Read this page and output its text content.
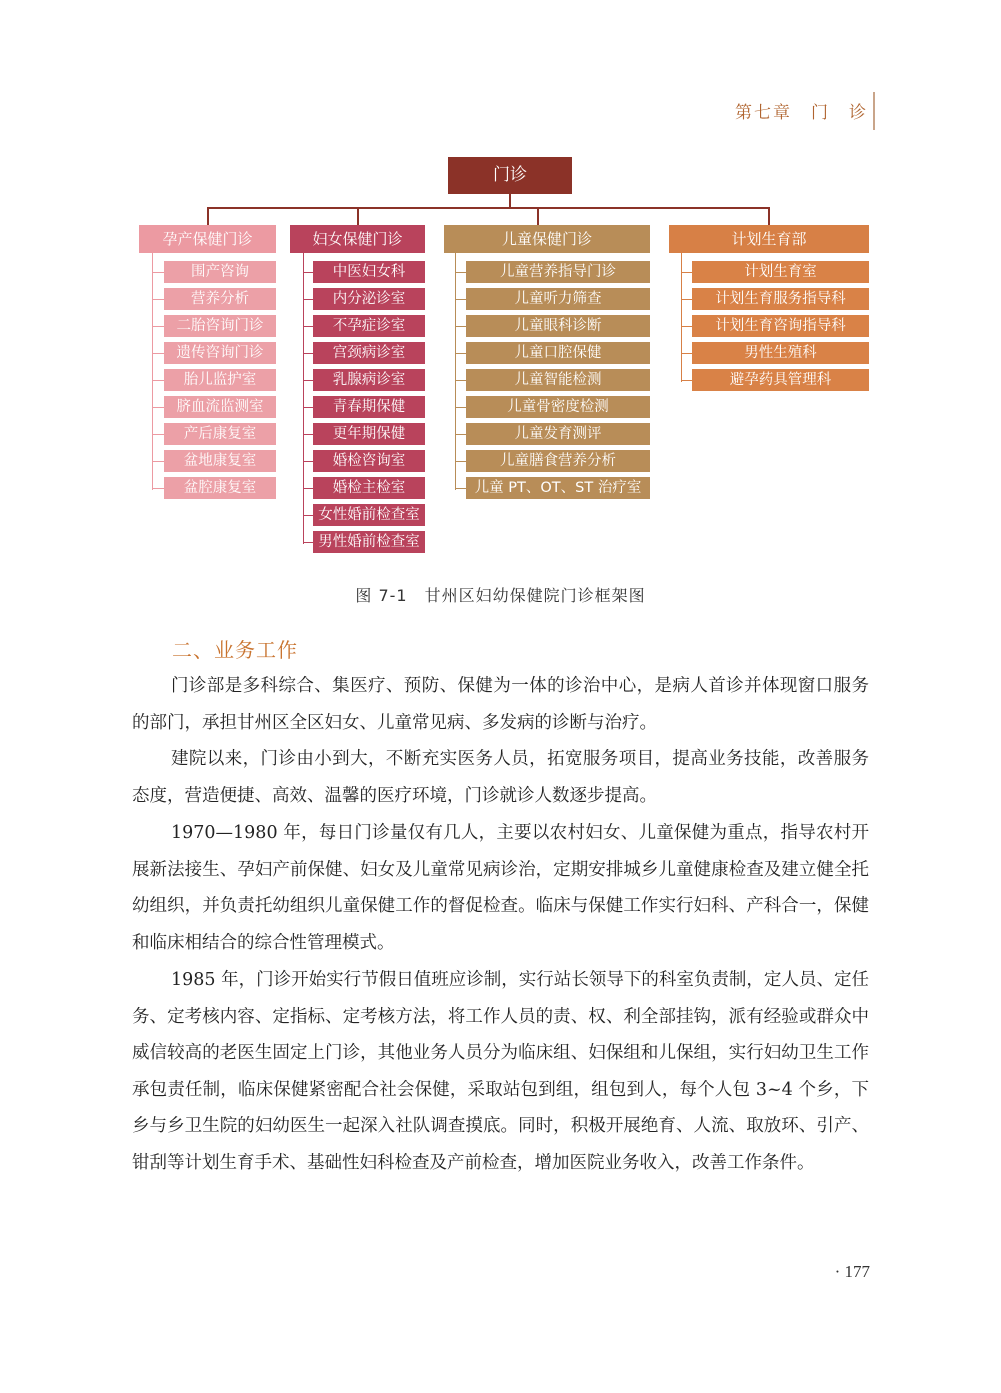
第七章　门　诊
门诊
孕产保健门诊
围产咨询
营养分析
二胎咨询门诊
遗传咨询门诊
胎儿监护室
脐血流监测室
产后康复室
盆地康复室
盆腔康复室
妇女保健门诊
中医妇女科
内分泌诊室
不孕症诊室
宫颈病诊室
乳腺病诊室
青春期保健
更年期保健
婚检咨询室
婚检主检室
女性婚前检查室
男性婚前检查室
儿童保健门诊
儿童营养指导门诊
儿童听力筛查
儿童眼科诊断
儿童口腔保健
儿童智能检测
儿童骨密度检测
儿童发育测评
儿童膳食营养分析
儿童 PT、OT、ST 治疗室
计划生育部
计划生育室
计划生育服务指导科
计划生育咨询指导科
男性生殖科
避孕药具管理科
图 7-1　甘州区妇幼保健院门诊框架图
二、业务工作
门诊部是多科综合、集医疗、预防、保健为一体的诊治中心，是病人首诊并体现窗口服务的部门，承担甘州区全区妇女、儿童常见病、多发病的诊断与治疗。
建院以来，门诊由小到大，不断充实医务人员，拓宽服务项目，提高业务技能，改善服务态度，营造便捷、高效、温馨的医疗环境，门诊就诊人数逐步提高。
1970—1980 年，每日门诊量仅有几人，主要以农村妇女、儿童保健为重点，指导农村开展新法接生、孕妇产前保健、妇女及儿童常见病诊治，定期安排城乡儿童健康检查及建立健全托幼组织，并负责托幼组织儿童保健工作的督促检查。临床与保健工作实行妇科、产科合一，保健和临床相结合的综合性管理模式。
1985 年，门诊开始实行节假日值班应诊制，实行站长领导下的科室负责制，定人员、定任务、定考核内容、定指标、定考核方法，将工作人员的责、权、利全部挂钩，派有经验或群众中威信较高的老医生固定上门诊，其他业务人员分为临床组、妇保组和儿保组，实行妇幼卫生工作承包责任制，临床保健紧密配合社会保健，采取站包到组，组包到人，每个人包 3~4 个乡，下乡与乡卫生院的妇幼医生一起深入社队调查摸底。同时，积极开展绝育、人流、取放环、引产、钳刮等计划生育手术、基础性妇科检查及产前检查，增加医院业务收入，改善工作条件。
· 177
